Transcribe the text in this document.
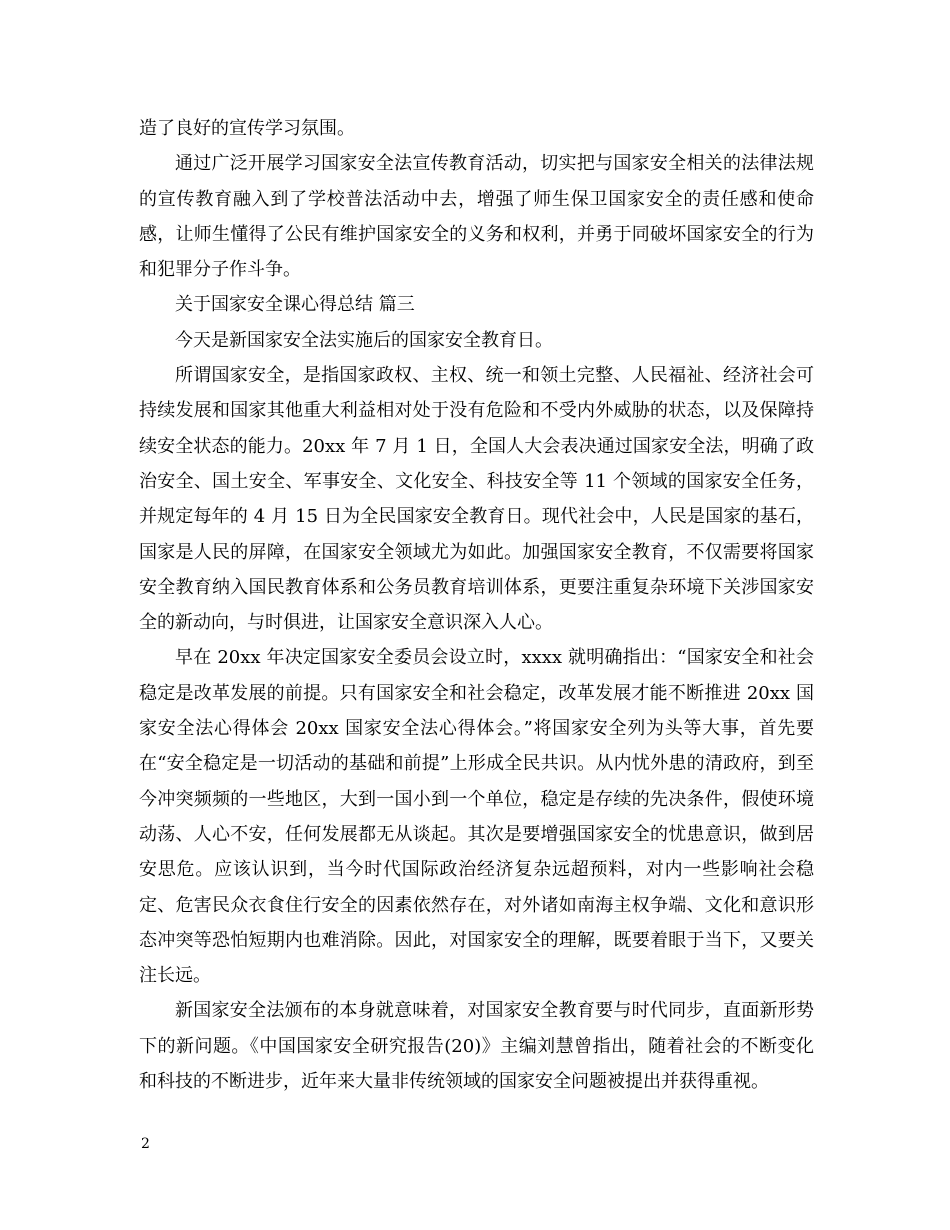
造了良好的宣传学习氛围。

通过广泛开展学习国家安全法宣传教育活动，切实把与国家安全相关的法律法规的宣传教育融入到了学校普法活动中去，增强了师生保卫国家安全的责任感和使命感，让师生懂得了公民有维护国家安全的义务和权利，并勇于同破坏国家安全的行为和犯罪分子作斗争。

关于国家安全课心得总结 篇三

今天是新国家安全法实施后的国家安全教育日。

所谓国家安全，是指国家政权、主权、统一和领土完整、人民福祉、经济社会可持续发展和国家其他重大利益相对处于没有危险和不受内外威胁的状态，以及保障持续安全状态的能力。20xx 年 7 月 1 日，全国人大会表决通过国家安全法，明确了政治安全、国土安全、军事安全、文化安全、科技安全等 11 个领域的国家安全任务，并规定每年的 4 月 15 日为全民国家安全教育日。现代社会中，人民是国家的基石，国家是人民的屏障，在国家安全领域尤为如此。加强国家安全教育，不仅需要将国家安全教育纳入国民教育体系和公务员教育培训体系，更要注重复杂环境下关涉国家安全的新动向，与时俱进，让国家安全意识深入人心。

早在 20xx 年决定国家安全委员会设立时，xxxx 就明确指出：“国家安全和社会稳定是改革发展的前提。只有国家安全和社会稳定，改革发展才能不断推进 20xx 国家安全法心得体会 20xx 国家安全法心得体会。”将国家安全列为头等大事，首先要在“安全稳定是一切活动的基础和前提”上形成全民共识。从内忧外患的清政府，到至今冲突频频的一些地区，大到一国小到一个单位，稳定是存续的先决条件，假使环境动荡、人心不安，任何发展都无从谈起。其次是要增强国家安全的忧患意识，做到居安思危。应该认识到，当今时代国际政治经济复杂远超预料，对内一些影响社会稳定、危害民众衣食住行安全的因素依然存在，对外诸如南海主权争端、文化和意识形态冲突等恐怕短期内也难消除。因此，对国家安全的理解，既要着眼于当下，又要关注长远。

新国家安全法颁布的本身就意味着，对国家安全教育要与时代同步，直面新形势下的新问题。《中国国家安全研究报告(20)》主编刘慧曾指出，随着社会的不断变化和科技的不断进步，近年来大量非传统领域的国家安全问题被提出并获得重视。

2
